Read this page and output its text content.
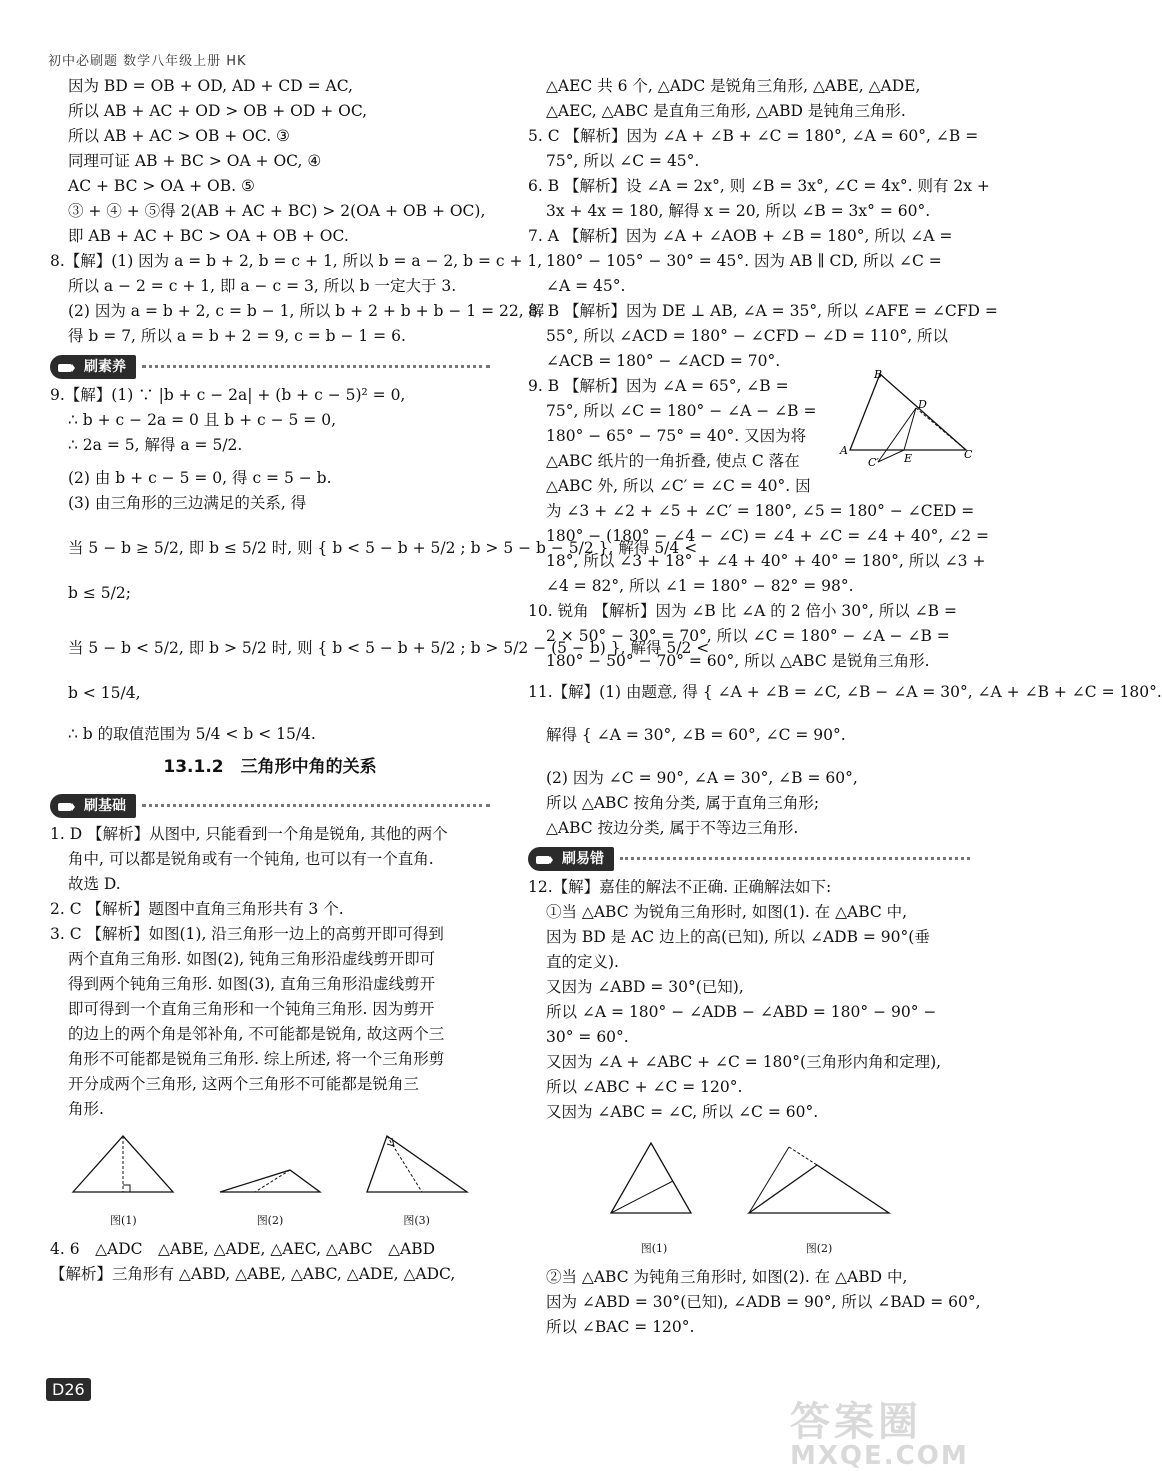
初中必刷题 数学八年级上册 HK
因为 BD = OB + OD, AD + CD = AC,
所以 AB + AC + OD > OB + OD + OC,
所以 AB + AC > OB + OC. ③
同理可证 AB + BC > OA + OC, ④
AC + BC > OA + OB. ⑤
③ + ④ + ⑤得 2(AB + AC + BC) > 2(OA + OB + OC),
即 AB + AC + BC > OA + OB + OC.
8.【解】(1) 因为 a = b + 2, b = c + 1, 所以 b = a − 2, b = c + 1,
所以 a − 2 = c + 1, 即 a − c = 3, 所以 b 一定大于 3.
(2) 因为 a = b + 2, c = b − 1, 所以 b + 2 + b + b − 1 = 22, 解
得 b = 7, 所以 a = b + 2 = 9, c = b − 1 = 6.
刷素养
9.【解】(1) ∵ |b + c − 2a| + (b + c − 5)² = 0,
∴ b + c − 2a = 0 且 b + c − 5 = 0,
∴ 2a = 5, 解得 a = 5/2.
(2) 由 b + c − 5 = 0, 得 c = 5 − b.
(3) 由三角形的三边满足的关系, 得
当 5 − b ≥ 5/2, 即 b ≤ 5/2 时, 则 { b < 5 − b + 5/2 ; b > 5 − b − 5/2 }, 解得 5/4 <
b ≤ 5/2;
当 5 − b < 5/2, 即 b > 5/2 时, 则 { b < 5 − b + 5/2 ; b > 5/2 − (5 − b) }, 解得 5/2 <
b < 15/4,
∴ b 的取值范围为 5/4 < b < 15/4.
13.1.2　三角形中角的关系
刷基础
1. D 【解析】从图中, 只能看到一个角是锐角, 其他的两个
角中, 可以都是锐角或有一个钝角, 也可以有一个直角.
故选 D.
2. C 【解析】题图中直角三角形共有 3 个.
3. C 【解析】如图(1), 沿三角形一边上的高剪开即可得到
两个直角三角形. 如图(2), 钝角三角形沿虚线剪开即可
得到两个钝角三角形. 如图(3), 直角三角形沿虚线剪开
即可得到一个直角三角形和一个钝角三角形. 因为剪开
的边上的两个角是邻补角, 不可能都是锐角, 故这两个三
角形不可能都是锐角三角形. 综上所述, 将一个三角形剪
开分成两个三角形, 这两个三角形不可能都是锐角三
角形.
图(1)	图(2)	图(3)
4. 6　△ADC　△ABE, △ADE, △AEC, △ABC　△ABD
【解析】三角形有 △ABD, △ABE, △ABC, △ADE, △ADC,
△AEC 共 6 个, △ADC 是锐角三角形, △ABE, △ADE,
△AEC, △ABC 是直角三角形, △ABD 是钝角三角形.
5. C 【解析】因为 ∠A + ∠B + ∠C = 180°, ∠A = 60°, ∠B =
75°, 所以 ∠C = 45°.
6. B 【解析】设 ∠A = 2x°, 则 ∠B = 3x°, ∠C = 4x°. 则有 2x +
3x + 4x = 180, 解得 x = 20, 所以 ∠B = 3x° = 60°.
7. A 【解析】因为 ∠A + ∠AOB + ∠B = 180°, 所以 ∠A =
180° − 105° − 30° = 45°. 因为 AB ∥ CD, 所以 ∠C =
∠A = 45°.
8. B 【解析】因为 DE ⊥ AB, ∠A = 35°, 所以 ∠AFE = ∠CFD =
55°, 所以 ∠ACD = 180° − ∠CFD − ∠D = 110°, 所以
∠ACB = 180° − ∠ACD = 70°.
9. B 【解析】因为 ∠A = 65°, ∠B =
75°, 所以 ∠C = 180° − ∠A − ∠B =
180° − 65° − 75° = 40°. 又因为将
△ABC 纸片的一角折叠, 使点 C 落在
△ABC 外, 所以 ∠C′ = ∠C = 40°. 因
为 ∠3 + ∠2 + ∠5 + ∠C′ = 180°, ∠5 = 180° − ∠CED =
180° − (180° − ∠4 − ∠C) = ∠4 + ∠C = ∠4 + 40°, ∠2 =
18°, 所以 ∠3 + 18° + ∠4 + 40° + 40° = 180°, 所以 ∠3 +
∠4 = 82°, 所以 ∠1 = 180° − 82° = 98°.
10. 锐角 【解析】因为 ∠B 比 ∠A 的 2 倍小 30°, 所以 ∠B =
2 × 50° − 30° = 70°, 所以 ∠C = 180° − ∠A − ∠B =
180° − 50° − 70° = 60°, 所以 △ABC 是锐角三角形.
11.【解】(1) 由题意, 得 { ∠A + ∠B = ∠C, ∠B − ∠A = 30°, ∠A + ∠B + ∠C = 180°.
解得 { ∠A = 30°, ∠B = 60°, ∠C = 90°.
(2) 因为 ∠C = 90°, ∠A = 30°, ∠B = 60°,
所以 △ABC 按角分类, 属于直角三角形;
△ABC 按边分类, 属于不等边三角形.
刷易错
12.【解】嘉佳的解法不正确. 正确解法如下:
①当 △ABC 为锐角三角形时, 如图(1). 在 △ABC 中,
因为 BD 是 AC 边上的高(已知), 所以 ∠ADB = 90°(垂
直的定义).
又因为 ∠ABD = 30°(已知),
所以 ∠A = 180° − ∠ADB − ∠ABD = 180° − 90° −
30° = 60°.
又因为 ∠A + ∠ABC + ∠C = 180°(三角形内角和定理),
所以 ∠ABC + ∠C = 120°.
又因为 ∠ABC = ∠C, 所以 ∠C = 60°.
图(1)	图(2)
②当 △ABC 为钝角三角形时, 如图(2). 在 △ABD 中,
因为 ∠ABD = 30°(已知), ∠ADB = 90°, 所以 ∠BAD = 60°,
所以 ∠BAC = 120°.
B
D
A	C
C′ E
D26
答案圈
MXQE.COM
